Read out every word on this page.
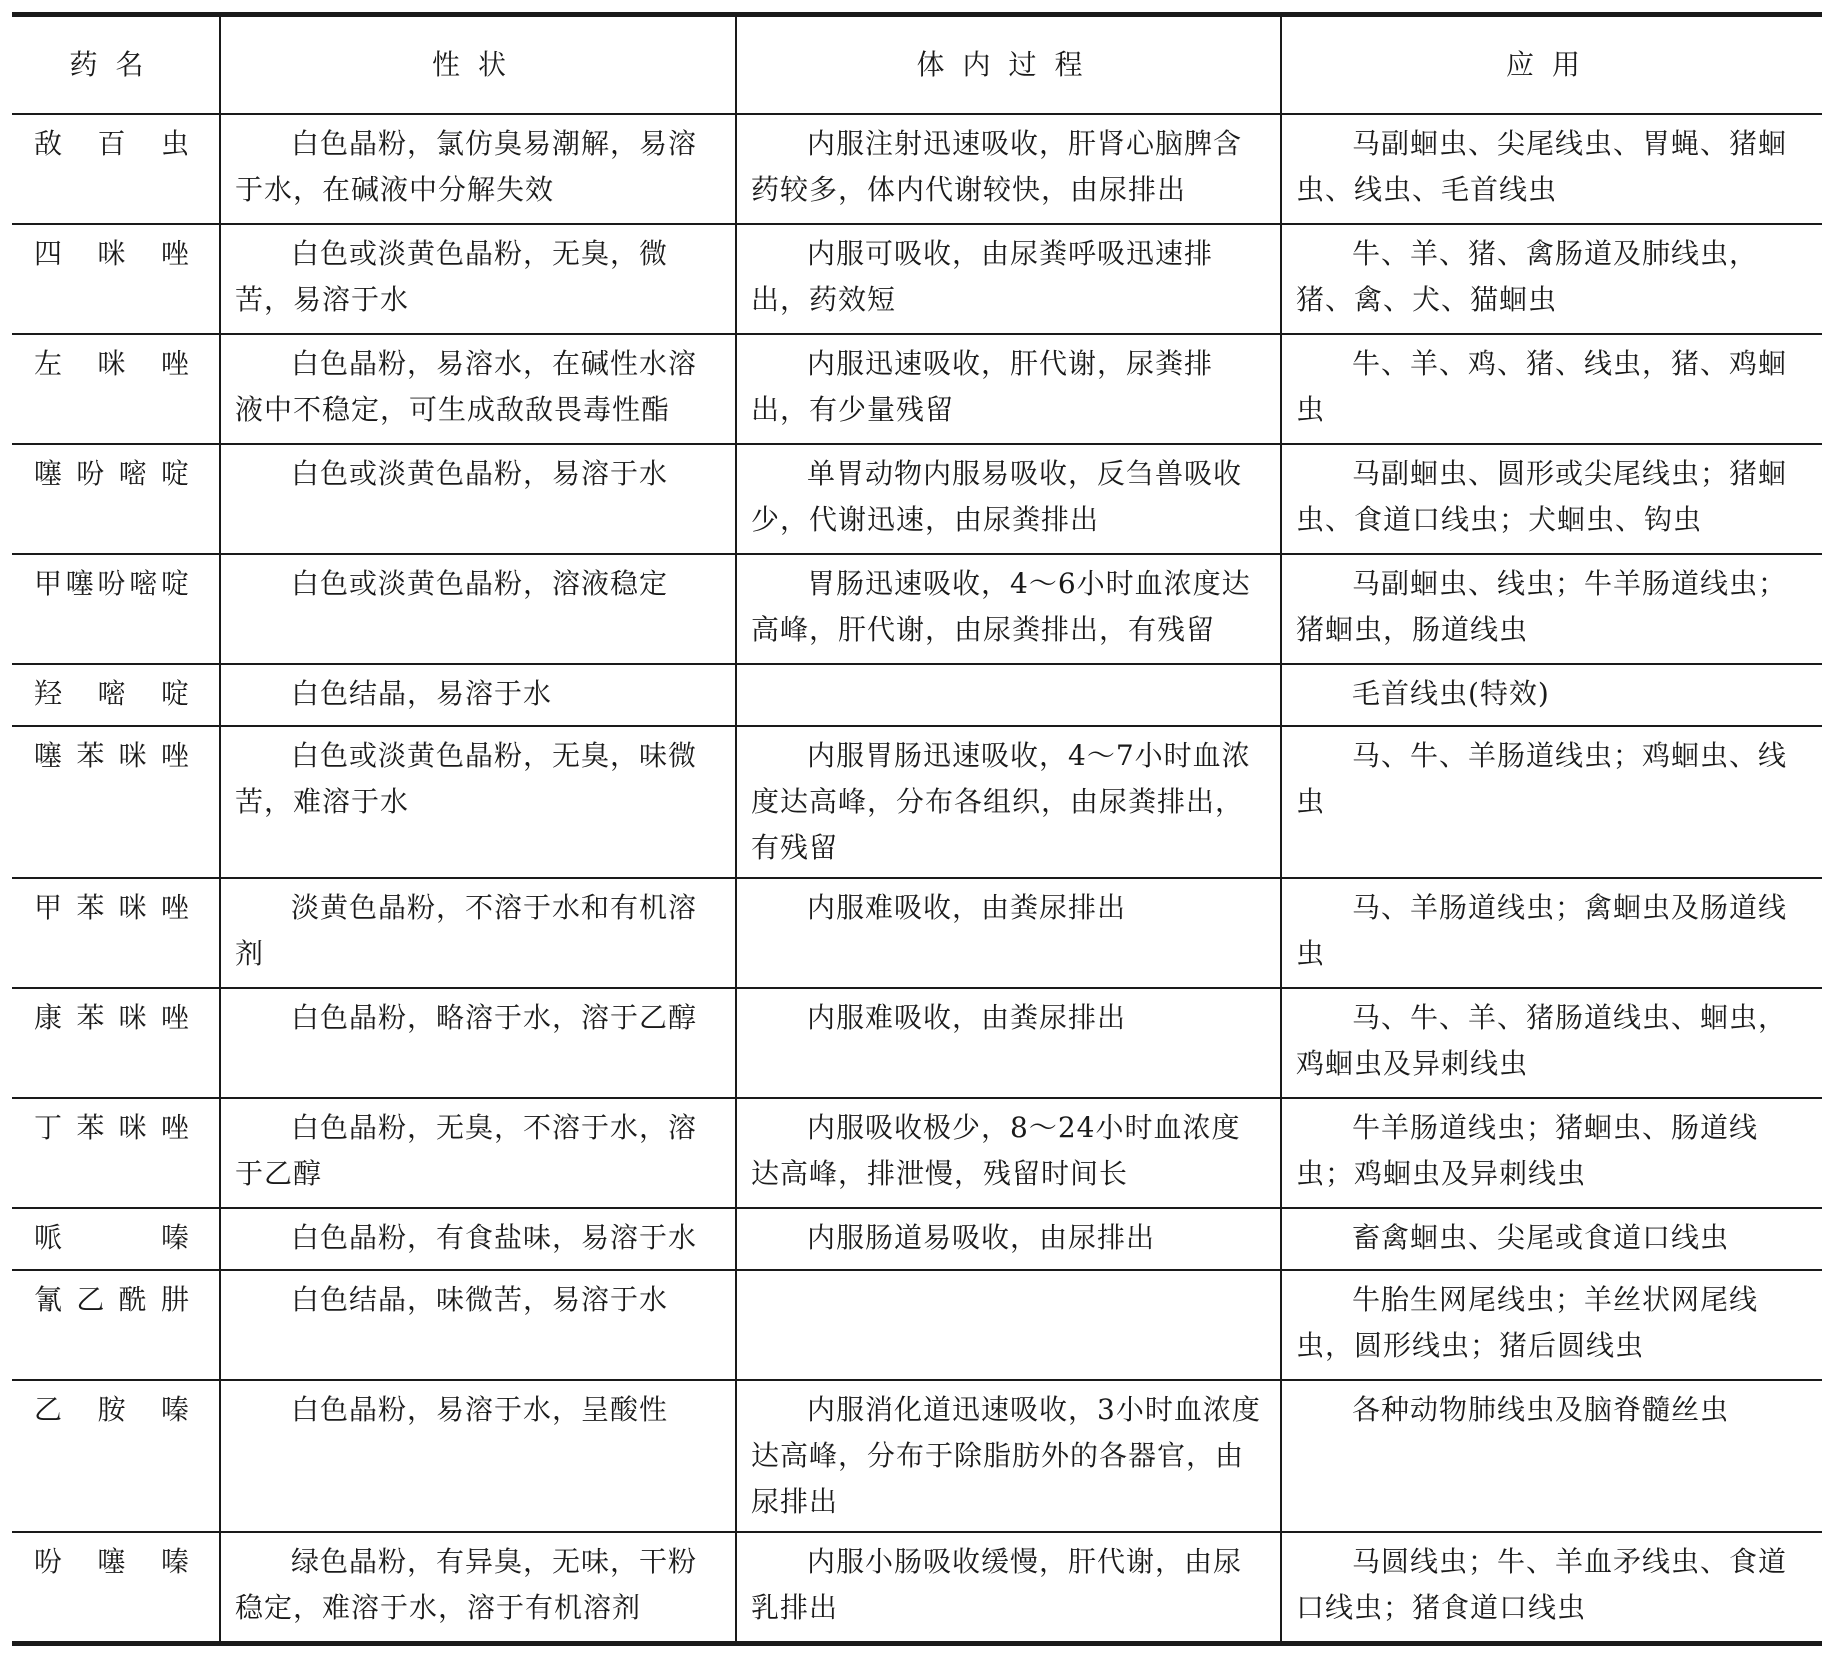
药名	性状	体内过程	应用
敌百虫	白色晶粉，氯仿臭易潮解，易溶于水，在碱液中分解失效	内服注射迅速吸收，肝肾心脑脾含药较多，体内代谢较快，由尿排出	马副蛔虫、尖尾线虫、胃蝇、猪蛔虫、线虫、毛首线虫
四咪唑	白色或淡黄色晶粉，无臭，微苦，易溶于水	内服可吸收，由尿粪呼吸迅速排出，药效短	牛、羊、猪、禽肠道及肺线虫，猪、禽、犬、猫蛔虫
左咪唑	白色晶粉，易溶水，在碱性水溶液中不稳定，可生成敌敌畏毒性酯	内服迅速吸收，肝代谢，尿粪排出，有少量残留	牛、羊、鸡、猪、线虫，猪、鸡蛔虫
噻吩嘧啶	白色或淡黄色晶粉，易溶于水	单胃动物内服易吸收，反刍兽吸收少，代谢迅速，由尿粪排出	马副蛔虫、圆形或尖尾线虫；猪蛔虫、食道口线虫；犬蛔虫、钩虫
甲噻吩嘧啶	白色或淡黄色晶粉，溶液稳定	胃肠迅速吸收，4～6小时血浓度达高峰，肝代谢，由尿粪排出，有残留	马副蛔虫、线虫；牛羊肠道线虫；猪蛔虫，肠道线虫
羟嘧啶	白色结晶，易溶于水		毛首线虫(特效)
噻苯咪唑	白色或淡黄色晶粉，无臭，味微苦，难溶于水	内服胃肠迅速吸收，4～7小时血浓度达高峰，分布各组织，由尿粪排出，有残留	马、牛、羊肠道线虫；鸡蛔虫、线虫
甲苯咪唑	淡黄色晶粉，不溶于水和有机溶剂	内服难吸收，由粪尿排出	马、羊肠道线虫；禽蛔虫及肠道线虫
康苯咪唑	白色晶粉，略溶于水，溶于乙醇	内服难吸收，由粪尿排出	马、牛、羊、猪肠道线虫、蛔虫，鸡蛔虫及异刺线虫
丁苯咪唑	白色晶粉，无臭，不溶于水，溶于乙醇	内服吸收极少，8～24小时血浓度达高峰，排泄慢，残留时间长	牛羊肠道线虫；猪蛔虫、肠道线虫；鸡蛔虫及异刺线虫
哌嗪	白色晶粉，有食盐味，易溶于水	内服肠道易吸收，由尿排出	畜禽蛔虫、尖尾或食道口线虫
氰乙酰肼	白色结晶，味微苦，易溶于水		牛胎生网尾线虫；羊丝状网尾线虫，圆形线虫；猪后圆线虫
乙胺嗪	白色晶粉，易溶于水，呈酸性	内服消化道迅速吸收，3小时血浓度达高峰，分布于除脂肪外的各器官，由尿排出	各种动物肺线虫及脑脊髓丝虫
吩噻嗪	绿色晶粉，有异臭，无味，干粉稳定，难溶于水，溶于有机溶剂	内服小肠吸收缓慢，肝代谢，由尿乳排出	马圆线虫；牛、羊血矛线虫、食道口线虫；猪食道口线虫
